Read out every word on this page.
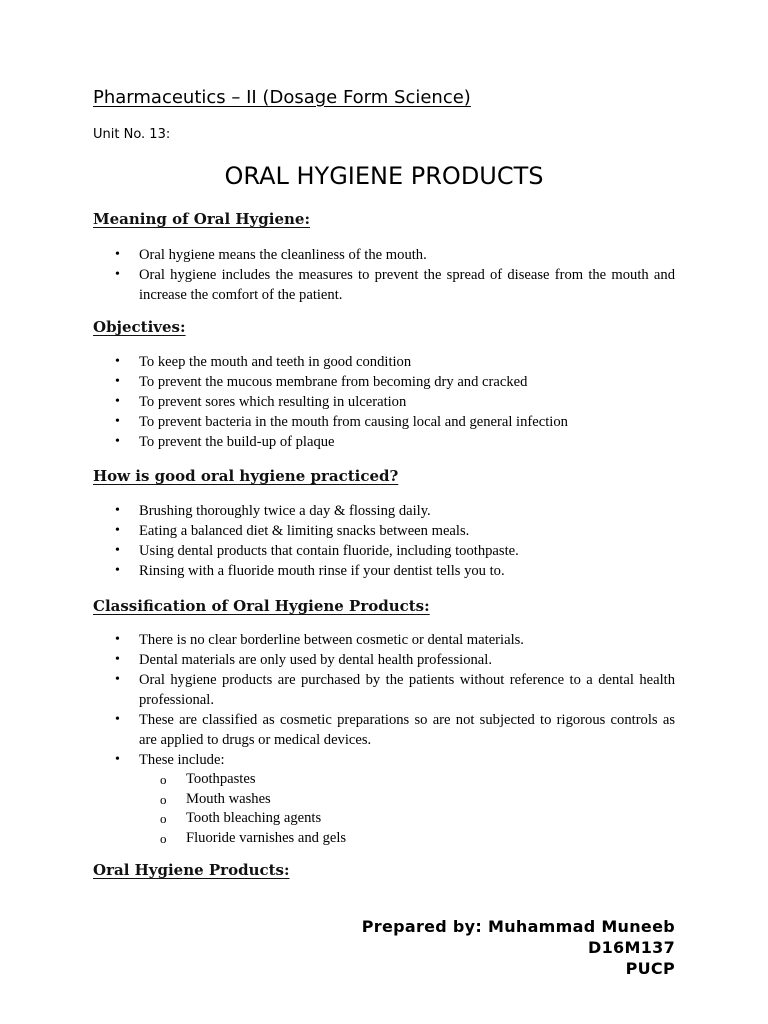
Pharmaceutics – II (Dosage Form Science)
Unit No. 13:
ORAL HYGIENE PRODUCTS
Meaning of Oral Hygiene:
• Oral hygiene means the cleanliness of the mouth.
• Oral hygiene includes the measures to prevent the spread of disease from the mouth and increase the comfort of the patient.
Objectives:
• To keep the mouth and teeth in good condition
• To prevent the mucous membrane from becoming dry and cracked
• To prevent sores which resulting in ulceration
• To prevent bacteria in the mouth from causing local and general infection
• To prevent the build-up of plaque
How is good oral hygiene practiced?
• Brushing thoroughly twice a day & flossing daily.
• Eating a balanced diet & limiting snacks between meals.
• Using dental products that contain fluoride, including toothpaste.
• Rinsing with a fluoride mouth rinse if your dentist tells you to.
Classification of Oral Hygiene Products:
• There is no clear borderline between cosmetic or dental materials.
• Dental materials are only used by dental health professional.
• Oral hygiene products are purchased by the patients without reference to a dental health professional.
• These are classified as cosmetic preparations so are not subjected to rigorous controls as are applied to drugs or medical devices.
• These include:
o Toothpastes
o Mouth washes
o Tooth bleaching agents
o Fluoride varnishes and gels
Oral Hygiene Products:
Prepared by: Muhammad Muneeb
D16M137
PUCP
